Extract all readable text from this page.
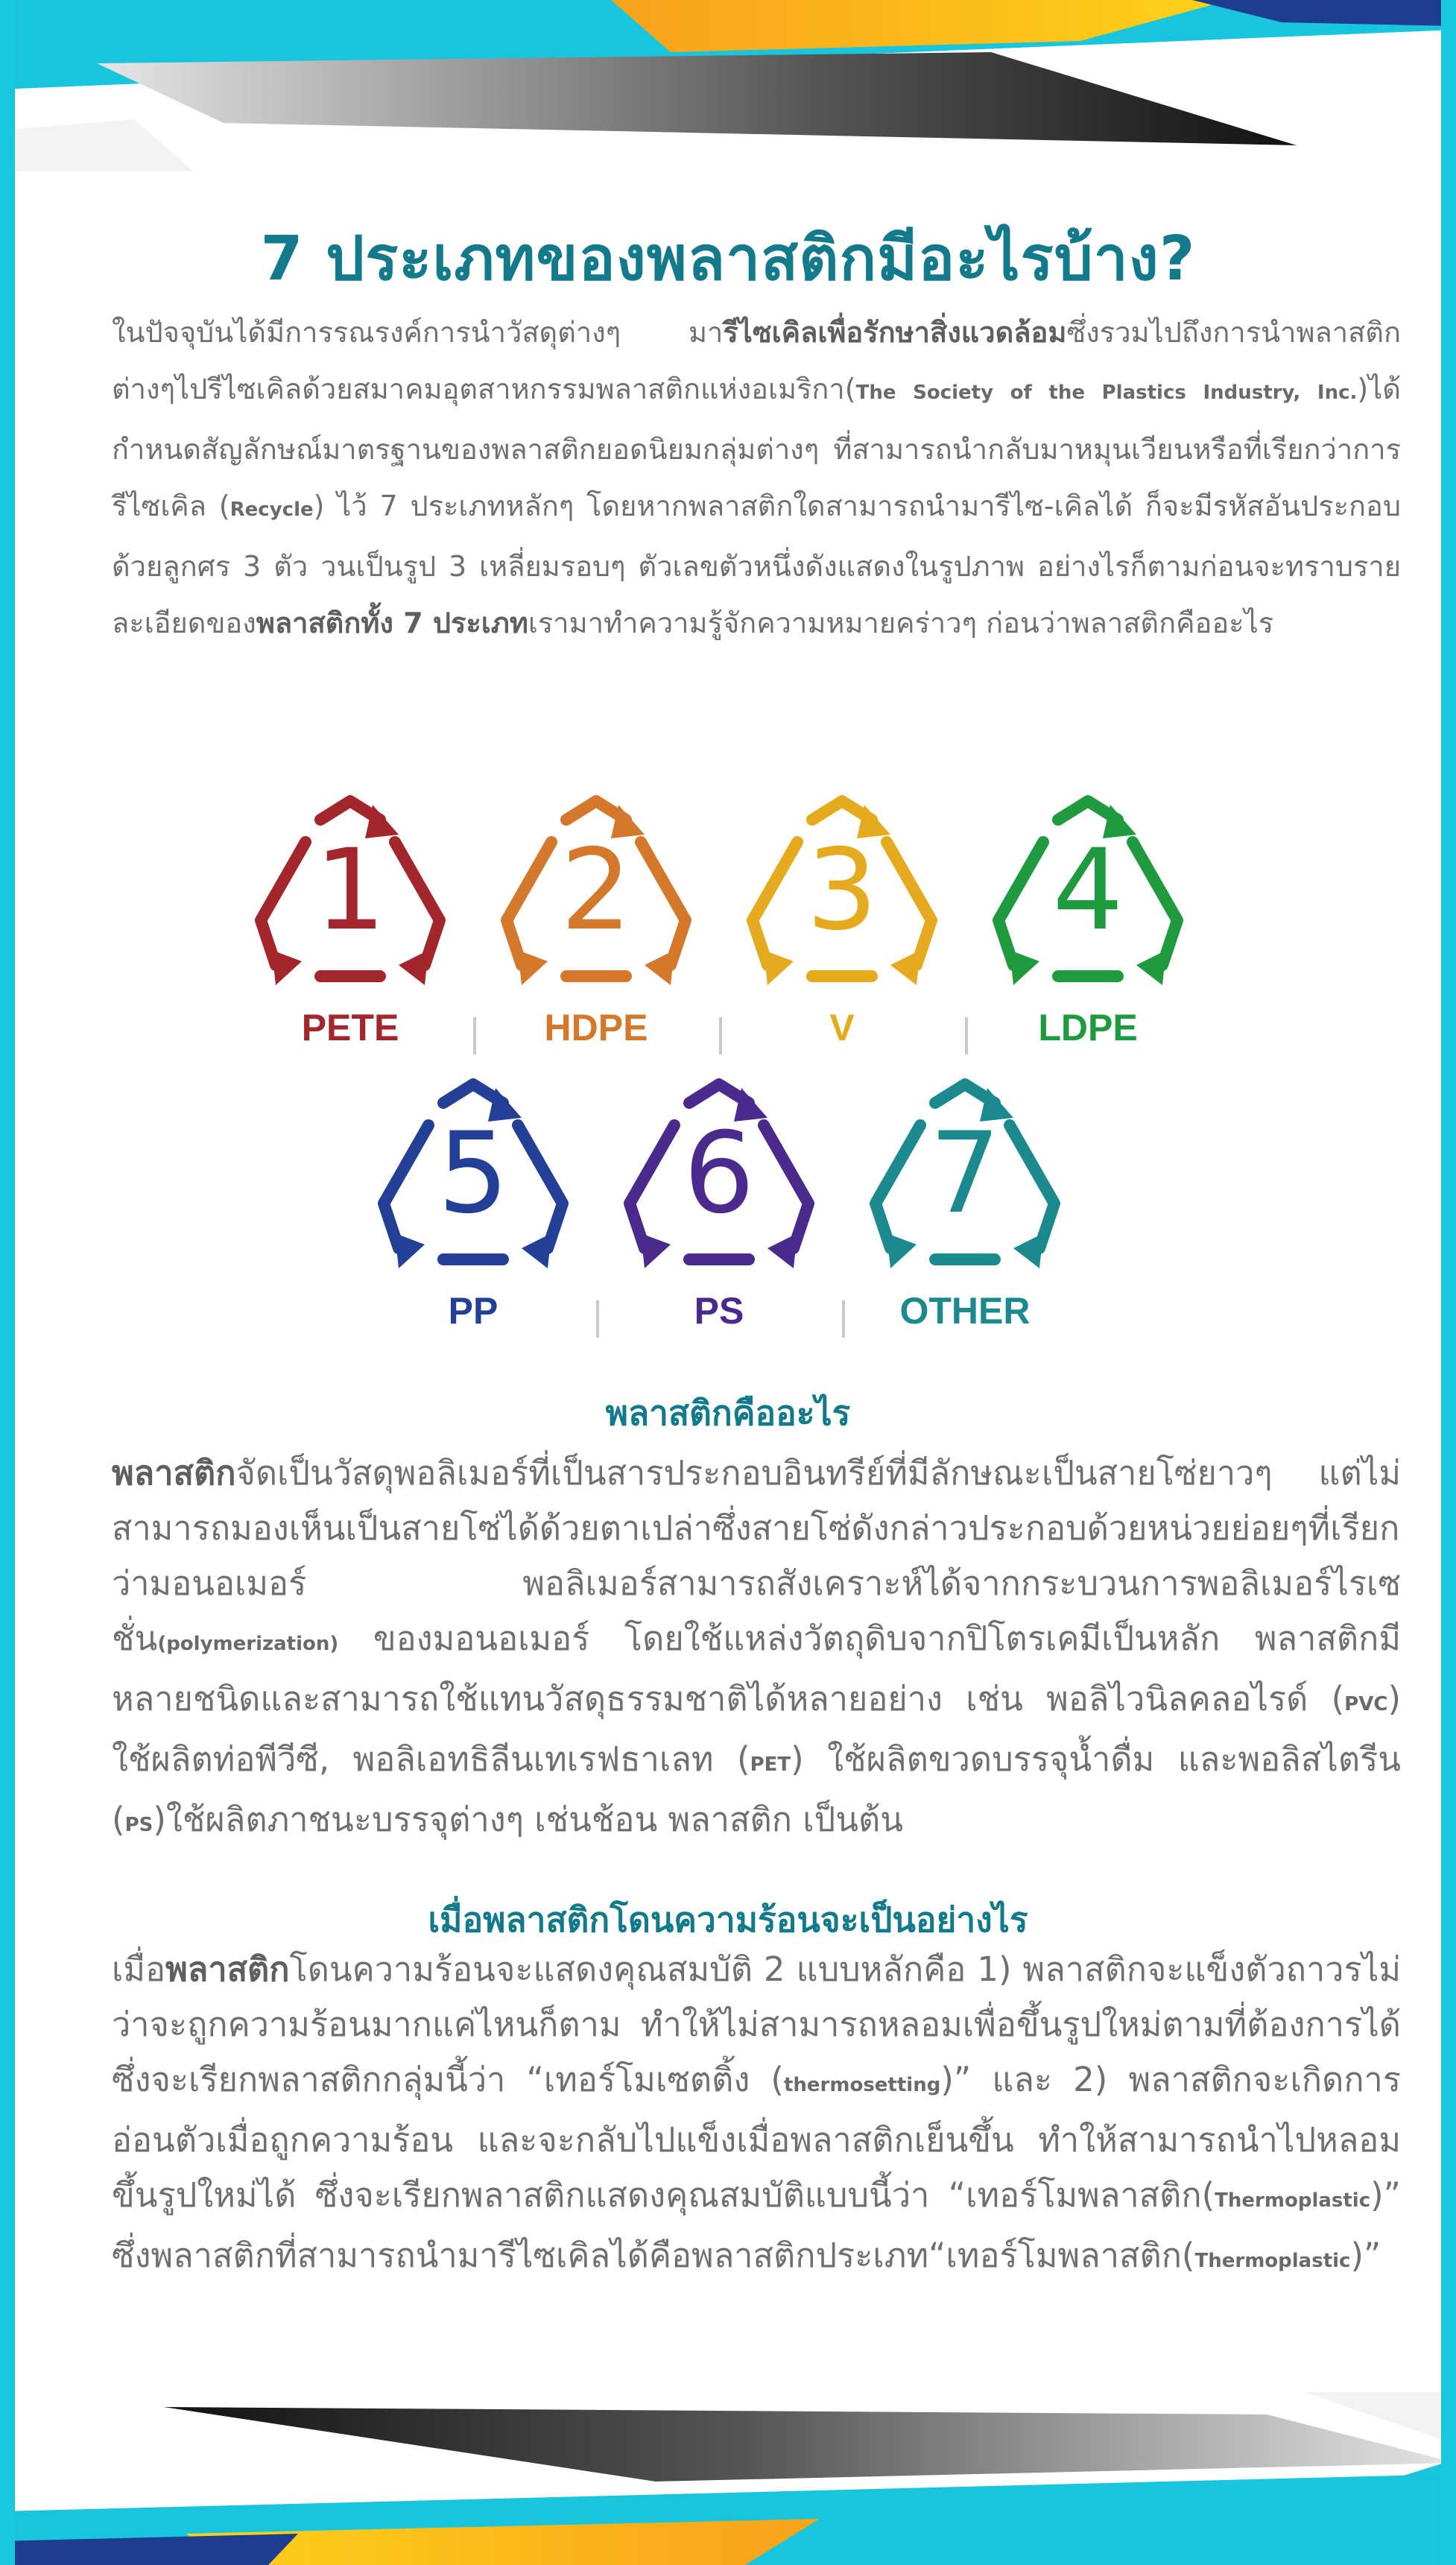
7 ประเภทของพลาสติกมีอะไรบ้าง?
ในปัจจุบันได้มีการรณรงค์การนำวัสดุต่างๆ มารีไซเคิลเพื่อรักษาสิ่งแวดล้อมซึ่งรวมไปถึงการนำพลาสติกต่างๆไปรีไซเคิลด้วยสมาคมอุตสาหกรรมพลาสติกแห่งอเมริกา(The Society of the Plastics Industry, Inc.)ได้กำหนดสัญลักษณ์มาตรฐานของพลาสติกยอดนิยมกลุ่มต่างๆ ที่สามารถนำกลับมาหมุนเวียนหรือที่เรียกว่าการรีไซเคิล (Recycle) ไว้ 7 ประเภทหลักๆ โดยหากพลาสติกใดสามารถนำมารีไซ-เคิลได้ ก็จะมีรหัสอันประกอบด้วยลูกศร 3 ตัว วนเป็นรูป 3 เหลี่ยมรอบๆ ตัวเลขตัวหนึ่งดังแสดงในรูปภาพ อย่างไรก็ตามก่อนจะทราบรายละเอียดของพลาสติกทั้ง 7 ประเภทเรามาทำความรู้จักความหมายคร่าวๆ ก่อนว่าพลาสติกคืออะไร
1
PETE
2
HDPE
3
V
4
LDPE
5
PP
6
PS
7
OTHER
พลาสติกคืออะไร
พลาสติกจัดเป็นวัสดุพอลิเมอร์ที่เป็นสารประกอบอินทรีย์ที่มีลักษณะเป็นสายโซ่ยาวๆ แต่ไม่สามารถมองเห็นเป็นสายโซ่ได้ด้วยตาเปล่าซึ่งสายโซ่ดังกล่าวประกอบด้วยหน่วยย่อยๆที่เรียกว่ามอนอเมอร์ พอลิเมอร์สามารถสังเคราะห์ได้จากกระบวนการพอลิเมอร์ไรเซชั่น(polymerization) ของมอนอเมอร์ โดยใช้แหล่งวัตถุดิบจากปิโตรเคมีเป็นหลัก พลาสติกมีหลายชนิดและสามารถใช้แทนวัสดุธรรมชาติได้หลายอย่าง เช่น พอลิไวนิลคลอไรด์ (PVC) ใช้ผลิตท่อพีวีซี, พอลิเอทธิลีนเทเรฟธาเลท (PET) ใช้ผลิตขวดบรรจุน้ำดื่ม และพอลิสไตรีน (PS)ใช้ผลิตภาชนะบรรจุต่างๆ เช่นช้อน พลาสติก เป็นต้น
เมื่อพลาสติกโดนความร้อนจะเป็นอย่างไร
เมื่อพลาสติกโดนความร้อนจะแสดงคุณสมบัติ 2 แบบหลักคือ 1) พลาสติกจะแข็งตัวถาวรไม่ว่าจะถูกความร้อนมากแค่ไหนก็ตาม ทำให้ไม่สามารถหลอมเพื่อขึ้นรูปใหม่ตามที่ต้องการได้ ซึ่งจะเรียกพลาสติกกลุ่มนี้ว่า “เทอร์โมเซตติ้ง (thermosetting)” และ 2) พลาสติกจะเกิดการอ่อนตัวเมื่อถูกความร้อน และจะกลับไปแข็งเมื่อพลาสติกเย็นขึ้น ทำให้สามารถนำไปหลอมขึ้นรูปใหม่ได้ ซึ่งจะเรียกพลาสติกแสดงคุณสมบัติแบบนี้ว่า “เทอร์โมพลาสติก(Thermoplastic)” ซึ่งพลาสติกที่สามารถนำมารีไซเคิลได้คือพลาสติกประเภท“เทอร์โมพลาสติก(Thermoplastic)”
